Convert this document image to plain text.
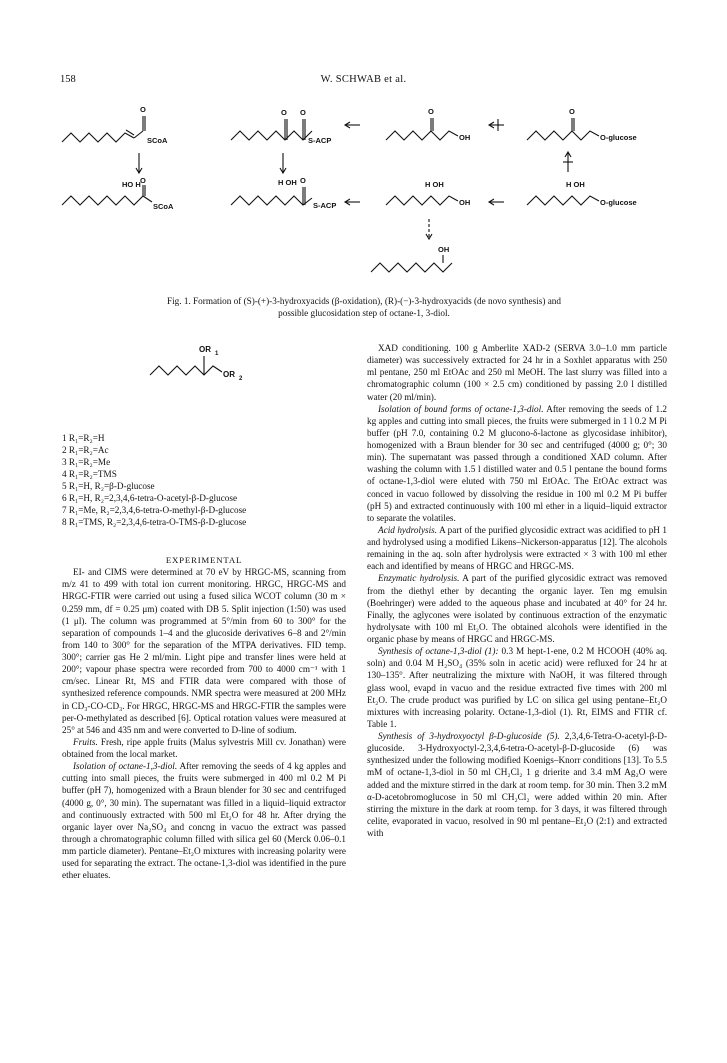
158	W. SCHWAB et al.
O	O O	O	O
O
SCoA	S-ACP	OH	O-glucose
HO H O
SCoA
H OH
S-ACP
H OH
OH
H OH
O-glucose
OH
Fig. 1. Formation of (S)-(+)-3-hydroxyacids (β-oxidation), (R)-(−)-3-hydroxyacids (de novo synthesis) and
possible glucosidation step of octane-1, 3-diol.
OR 1
OR 2
1 R₁=R₂=H
2 R₁=R₂=Ac
3 R₁=R₂=Me
4 R₁=R₂=TMS
5 R₁=H, R₂=β-D-glucose
6 R₁=H, R₂=2,3,4,6-tetra-O-acetyl-β-D-glucose
7 R₁=Me, R₂=2,3,4,6-tetra-O-methyl-β-D-glucose
8 R₁=TMS, R₂=2,3,4,6-tetra-O-TMS-β-D-glucose

EXPERIMENTAL

EI- and CIMS were determined at 70 eV by HRGC-MS, scanning from m/z 41 to 499 with total ion current monitoring. HRGC, HRGC-MS and HRGC-FTIR were carried out using a fused silica WCOT column (30 m × 0.259 mm, df = 0.25 μm) coated with DB 5. Split injection (1:50) was used (1 μl). The column was programmed at 5°/min from 60 to 300° for the separation of compounds 1–4 and the glucoside derivatives 6–8 and 2°/min from 140 to 300° for the separation of the MTPA derivatives. FID temp. 300°; carrier gas He 2 ml/min. Light pipe and transfer lines were held at 200°; vapour phase spectra were recorded from 700 to 4000 cm⁻¹ with 1 cm/sec. Linear Rt, MS and FTIR data were compared with those of synthesized reference compounds. NMR spectra were measured at 200 MHz in CD₃-CO-CD₃. For HRGC, HRGC-MS and HRGC-FTIR the samples were per-O-methylated as described [6]. Optical rotation values were measured at 25° at 546 and 435 nm and were converted to D-line of sodium.

Fruits. Fresh, ripe apple fruits (Malus sylvestris Mill cv. Jonathan) were obtained from the local market.

Isolation of octane-1,3-diol. After removing the seeds of 4 kg apples and cutting into small pieces, the fruits were submerged in 400 ml 0.2 M Pi buffer (pH 7), homogenized with a Braun blender for 30 sec and centrifuged (4000 g, 0°, 30 min). The supernatant was filled in a liquid–liquid extractor and continuously extracted with 500 ml Et₂O for 48 hr. After drying the organic layer over Na₂SO₄ and concng in vacuo the extract was passed through a chromatographic column filled with silica gel 60 (Merck 0.06–0.1 mm particle diameter). Pentane–Et₂O mixtures with increasing polarity were used for separating the extract. The octane-1,3-diol was identified in the pure ether eluates.

XAD conditioning. 100 g Amberlite XAD-2 (SERVA 3.0–1.0 mm particle diameter) was successively extracted for 24 hr in a Soxhlet apparatus with 250 ml pentane, 250 ml EtOAc and 250 ml MeOH. The last slurry was filled into a chromatographic column (100 × 2.5 cm) conditioned by passing 2.0 l distilled water (20 ml/min).

Isolation of bound forms of octane-1,3-diol. After removing the seeds of 1.2 kg apples and cutting into small pieces, the fruits were submerged in 1 l 0.2 M Pi buffer (pH 7.0, containing 0.2 M glucono-δ-lactone as glycosidase inhibitor), homogenized with a Braun blender for 30 sec and centrifuged (4000 g; 0°; 30 min). The supernatant was passed through a conditioned XAD column. After washing the column with 1.5 l distilled water and 0.5 l pentane the bound forms of octane-1,3-diol were eluted with 750 ml EtOAc. The EtOAc extract was conced in vacuo followed by dissolving the residue in 100 ml 0.2 M Pi buffer (pH 5) and extracted continuously with 100 ml ether in a liquid–liquid extractor to separate the volatiles.

Acid hydrolysis. A part of the purified glycosidic extract was acidified to pH 1 and hydrolysed using a modified Likens–Nickerson-apparatus [12]. The alcohols remaining in the aq. soln after hydrolysis were extracted × 3 with 100 ml ether each and identified by means of HRGC and HRGC-MS.

Enzymatic hydrolysis. A part of the purified glycosidic extract was removed from the diethyl ether by decanting the organic layer. Ten mg emulsin (Boehringer) were added to the aqueous phase and incubated at 40° for 24 hr. Finally, the aglycones were isolated by continuous extraction of the enzymatic hydrolysate with 100 ml Et₂O. The obtained alcohols were identified in the organic phase by means of HRGC and HRGC-MS.

Synthesis of octane-1,3-diol (1): 0.3 M hept-1-ene, 0.2 M HCOOH (40% aq. soln) and 0.04 M H₂SO₄ (35% soln in acetic acid) were refluxed for 24 hr at 130–135°. After neutralizing the mixture with NaOH, it was filtered through glass wool, evapd in vacuo and the residue extracted five times with 200 ml Et₂O. The crude product was purified by LC on silica gel using pentane–Et₂O mixtures with increasing polarity. Octane-1,3-diol (1). Rt, EIMS and FTIR cf. Table 1.

Synthesis of 3-hydroxyoctyl β-D-glucoside (5). 2,3,4,6-Tetra-O-acetyl-β-D-glucoside. 3-Hydroxyoctyl-2,3,4,6-tetra-O-acetyl-β-D-glucoside (6) was synthesized under the following modified Koenigs–Knorr conditions [13]. To 5.5 mM of octane-1,3-diol in 50 ml CH₂Cl₂ 1 g drierite and 3.4 mM Ag₂O were added and the mixture stirred in the dark at room temp. for 30 min. Then 3.2 mM α-D-acetobromoglucose in 50 ml CH₂Cl₂ were added within 20 min. After stirring the mixture in the dark at room temp. for 3 days, it was filtered through celite, evaporated in vacuo, resolved in 90 ml pentane–Et₂O (2:1) and extracted with
